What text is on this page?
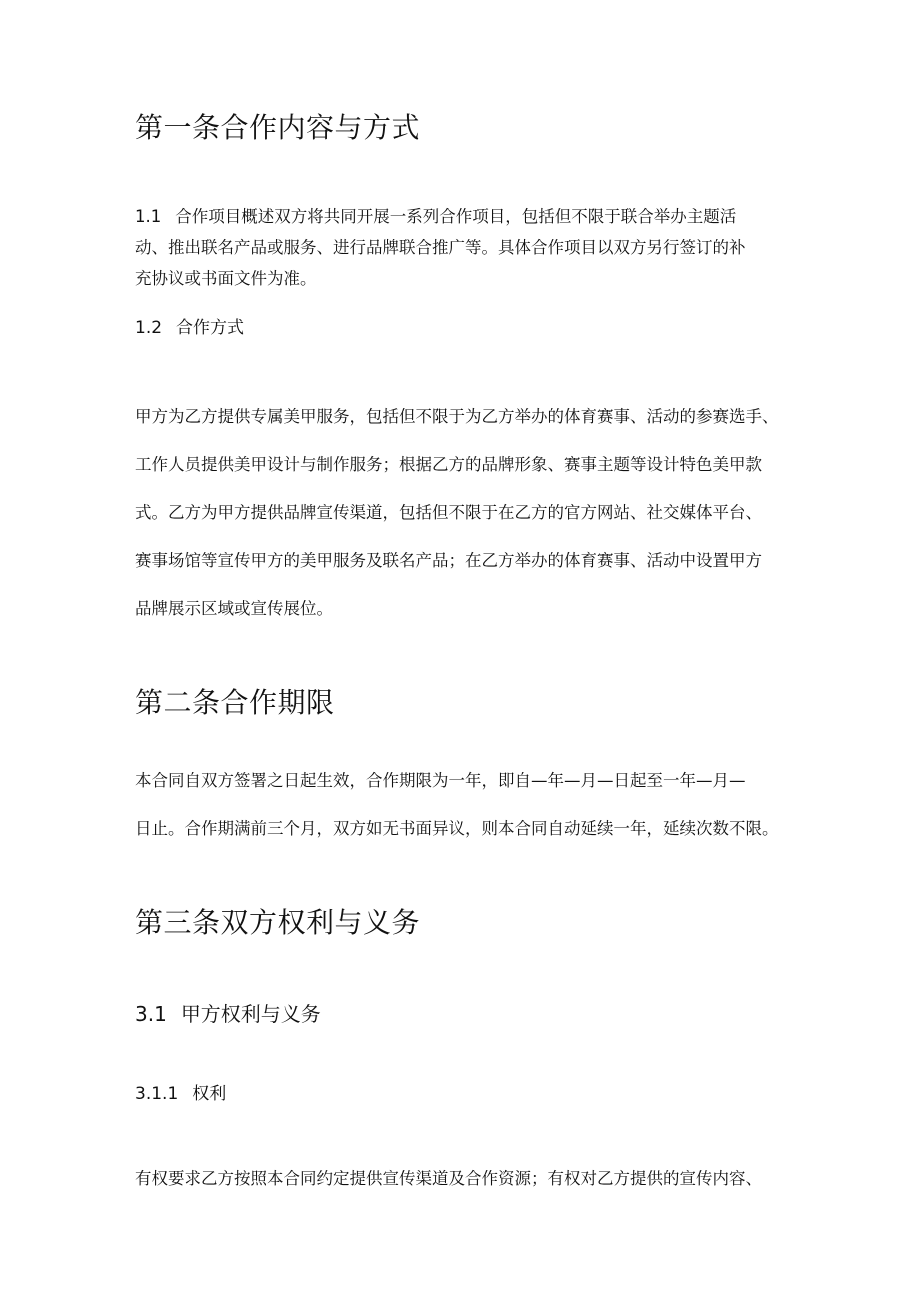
第一条合作内容与方式
1.1 合作项目概述双方将共同开展一系列合作项目，包括但不限于联合举办主题活
动、推出联名产品或服务、进行品牌联合推广等。具体合作项目以双方另行签订的补
充协议或书面文件为准。
1.2 合作方式
甲方为乙方提供专属美甲服务，包括但不限于为乙方举办的体育赛事、活动的参赛选手、
工作人员提供美甲设计与制作服务；根据乙方的品牌形象、赛事主题等设计特色美甲款
式。乙方为甲方提供品牌宣传渠道，包括但不限于在乙方的官方网站、社交媒体平台、
赛事场馆等宣传甲方的美甲服务及联名产品；在乙方举办的体育赛事、活动中设置甲方
品牌展示区域或宣传展位。
第二条合作期限
本合同自双方签署之日起生效，合作期限为一年，即自—年—月—日起至一年—月—
日止。合作期满前三个月，双方如无书面异议，则本合同自动延续一年，延续次数不限。
第三条双方权利与义务
3.1 甲方权利与义务
3.1.1 权利
有权要求乙方按照本合同约定提供宣传渠道及合作资源；有权对乙方提供的宣传内容、
